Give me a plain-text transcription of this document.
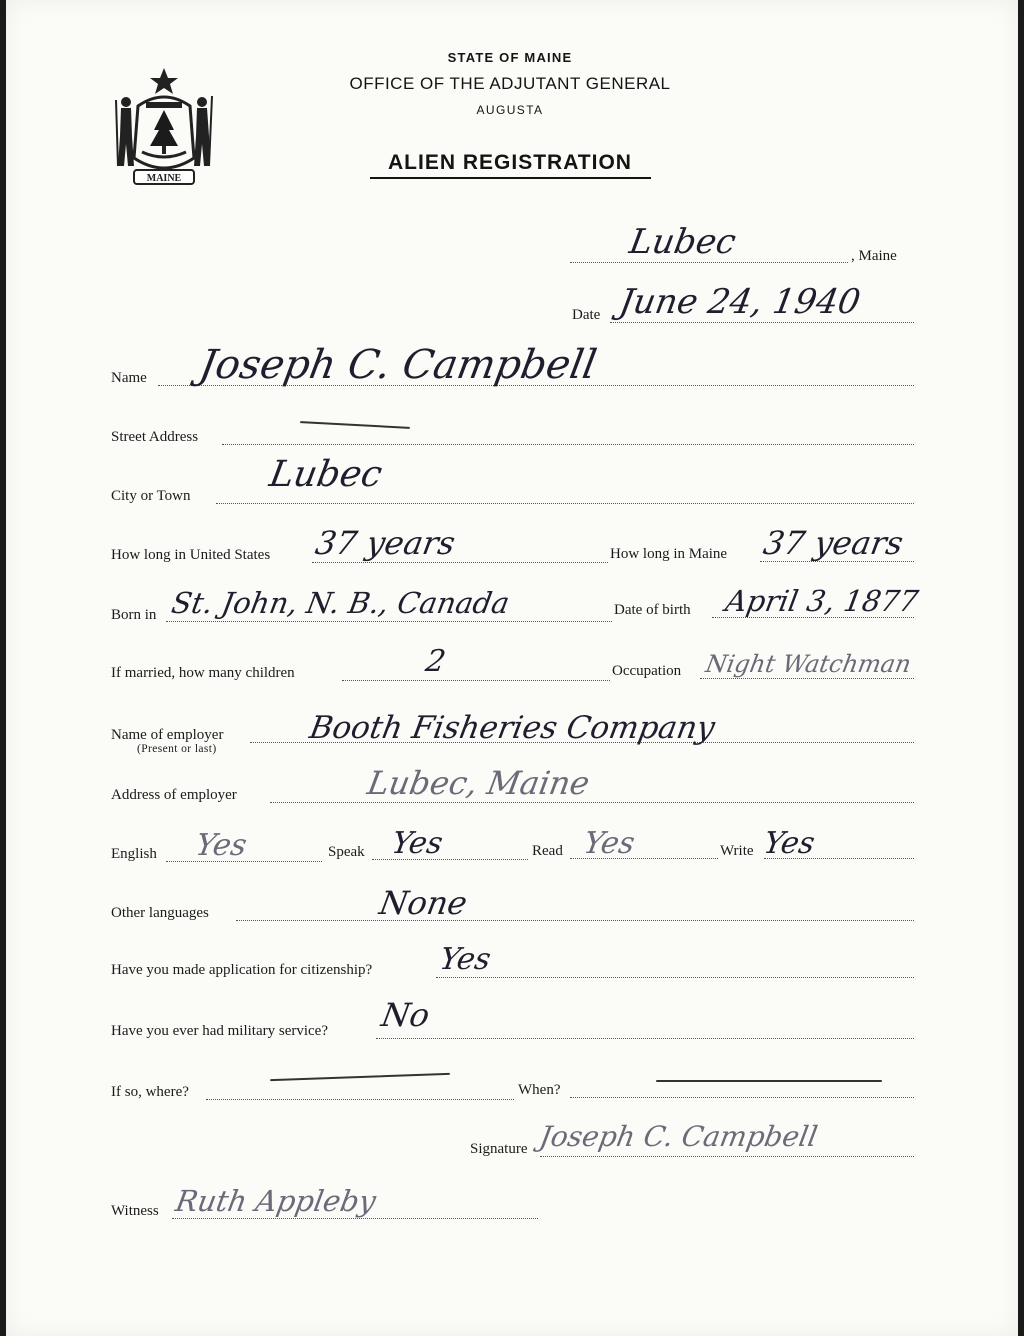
MAINE
STATE OF MAINE
OFFICE OF THE ADJUTANT GENERAL
AUGUSTA
ALIEN REGISTRATION
Lubec	, Maine
Date June 24, 1940
Name Joseph C. Campbell
Street Address
City or Town
Lubec
How long in United States 37 years	How long in Maine 37 years
Born in St. John, N. B., Canada	Date of birth April 3, 1877
If married, how many children	2	Occupation Night Watchman
Name of employer
(Present or last)
Booth Fisheries Company
Address of employer	Lubec, Maine
English Yes	Speak Yes	Read Yes	Write Yes
Other languages	None
Have you made application for citizenship? Yes
Have you ever had military service? No
If so, where?	When?
Signature Joseph C. Campbell
Witness Ruth Appleby
